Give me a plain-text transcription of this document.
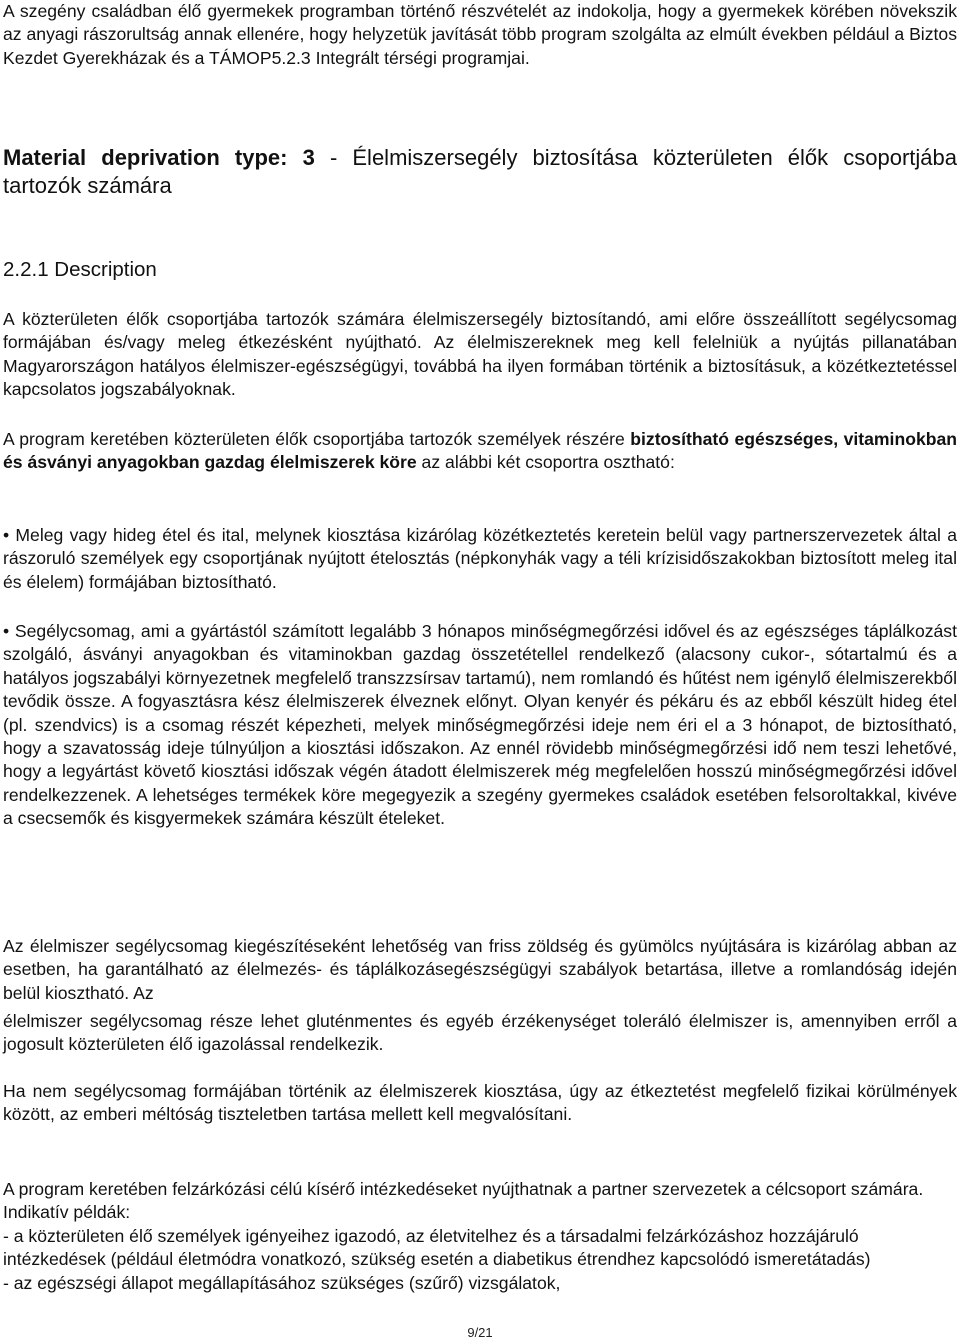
A szegény családban élő gyermekek programban történő részvételét az indokolja, hogy a gyermekek körében növekszik az anyagi rászorultság annak ellenére, hogy helyzetük javítását több program szolgálta az elmúlt években például a Biztos Kezdet Gyerekházak és a TÁMOP5.2.3 Integrált térségi programjai.

Material deprivation type: 3 - Élelmiszersegély biztosítása közterületen élők csoportjába tartozók számára

2.2.1 Description

A közterületen élők csoportjába tartozók számára élelmiszersegély biztosítandó, ami előre összeállított segélycsomag formájában és/vagy meleg étkezésként nyújtható. Az élelmiszereknek meg kell felelniük a nyújtás pillanatában Magyarországon hatályos élelmiszer-egészségügyi, továbbá ha ilyen formában történik a biztosításuk, a közétkeztetéssel kapcsolatos jogszabályoknak.

A program keretében közterületen élők csoportjába tartozók személyek részére biztosítható egészséges, vitaminokban és ásványi anyagokban gazdag élelmiszerek köre az alábbi két csoportra osztható:

• Meleg vagy hideg étel és ital, melynek kiosztása kizárólag közétkeztetés keretein belül vagy partnerszervezetek által a rászoruló személyek egy csoportjának nyújtott ételosztás (népkonyhák vagy a téli krízisidőszakokban biztosított meleg ital és élelem) formájában biztosítható.

• Segélycsomag, ami a gyártástól számított legalább 3 hónapos minőségmegőrzési idővel és az egészséges táplálkozást szolgáló, ásványi anyagokban és vitaminokban gazdag összetétellel rendelkező (alacsony cukor-, sótartalmú és a hatályos jogszabályi környezetnek megfelelő transzzsírsav tartamú), nem romlandó és hűtést nem igénylő élelmiszerekből tevődik össze. A fogyasztásra kész élelmiszerek élveznek előnyt. Olyan kenyér és pékáru és az ebből készült hideg étel (pl. szendvics) is a csomag részét képezheti, melyek minőségmegőrzési ideje nem éri el a 3 hónapot, de biztosítható, hogy a szavatosság ideje túlnyúljon a kiosztási időszakon. Az ennél rövidebb minőségmegőrzési idő nem teszi lehetővé, hogy a legyártást követő kiosztási időszak végén átadott élelmiszerek még megfelelően hosszú minőségmegőrzési idővel rendelkezzenek. A lehetséges termékek köre megegyezik a szegény gyermekes családok esetében felsoroltakkal, kivéve a csecsemők és kisgyermekek számára készült ételeket.

Az élelmiszer segélycsomag kiegészítéseként lehetőség van friss zöldség és gyümölcs nyújtására is kizárólag abban az esetben, ha garantálható az élelmezés- és táplálkozásegészségügyi szabályok betartása, illetve a romlandóság idején belül kiosztható. Az

élelmiszer segélycsomag része lehet gluténmentes és egyéb érzékenységet toleráló élelmiszer is, amennyiben erről a jogosult közterületen élő igazolással rendelkezik.

Ha nem segélycsomag formájában történik az élelmiszerek kiosztása, úgy az étkeztetést megfelelő fizikai körülmények között, az emberi méltóság tiszteletben tartása mellett kell megvalósítani.

A program keretében felzárkózási célú kísérő intézkedéseket nyújthatnak a partner szervezetek a célcsoport számára. Indikatív példák:
- a közterületen élő személyek igényeihez igazodó, az életvitelhez és a társadalmi felzárkózáshoz hozzájáruló intézkedések (például életmódra vonatkozó, szükség esetén a diabetikus étrendhez kapcsolódó ismeretátadás)
- az egészségi állapot megállapításához szükséges (szűrő) vizsgálatok,
9/21
